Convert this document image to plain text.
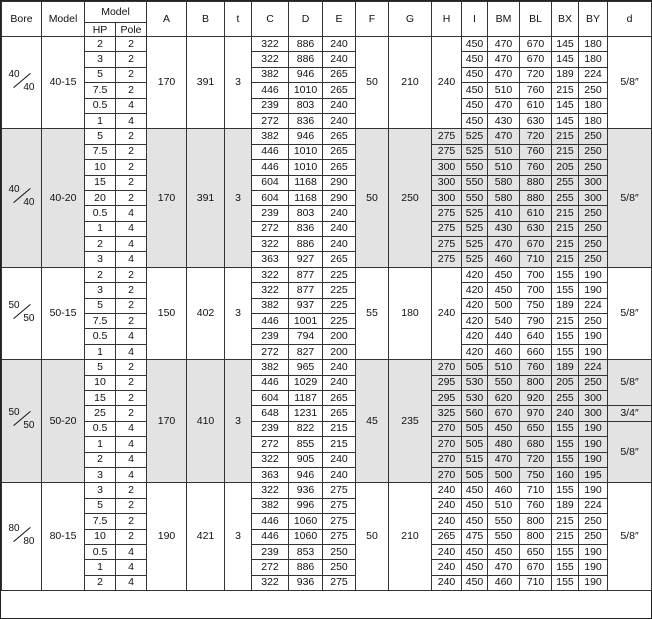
Bore	Model	Model		A	B	t	C	D	E	F	G	H	I	BM	BL	BX	BY	d
		HP	Pole															

40
40	40-15	2	2	170	391	3	322	886	240	50	210	240	450	470	670	145	180	5/8″
		3	2				322	886	240				450	470	670	145	180	
		5	2				382	946	265				450	470	720	189	224	
		7.5	2				446	1010	265				450	510	760	215	250	
		0.5	4				239	803	240				450	470	610	145	180	
		1	4				272	836	240				450	430	630	145	180	

40
40	40-20	5	2	170	391	3	382	946	265	50	250	275	525	470	720	215	250	5/8″
		7.5	2				446	1010	265			275	525	510	760	215	250	
		10	2				446	1010	265			300	550	510	760	205	250	
		15	2				604	1168	290			300	550	580	880	255	300	
		20	2				604	1168	290			300	550	580	880	255	300	
		0.5	4				239	803	240			275	525	410	610	215	250	
		1	4				272	836	240			275	525	430	630	215	250	
		2	4				322	886	240			275	525	470	670	215	250	
		3	4				363	927	265			275	525	460	710	215	250	

50
50	50-15	2	2	150	402	3	322	877	225	55	180	240	420	450	700	155	190	5/8″
		3	2				322	877	225				420	450	700	155	190	
		5	2				382	937	225				420	500	750	189	224	
		7.5	2				446	1001	225				420	540	790	215	250	
		0.5	4				239	794	200				420	440	640	155	190	
		1	4				272	827	200				420	460	660	155	190	

50
50	50-20	5	2	170	410	3	382	965	240	45	235	270	505	510	760	189	224	5/8″
		10	2				446	1029	240			295	530	550	800	205	250	
		15	2				604	1187	265			295	530	620	920	255	300	
		25	2				648	1231	265			325	560	670	970	240	300	3/4″
		0.5	4				239	822	215			270	505	450	650	155	190	5/8″
		1	4				272	855	215			270	505	480	680	155	190	
		2	4				322	905	240			270	515	470	720	155	190	
		3	4				363	946	240			270	505	500	750	160	195	

80
80	80-15	3	2	190	421	3	322	936	275	50	210	240	450	460	710	155	190	5/8″
		5	2				382	996	275			240	450	510	760	189	224	
		7.5	2				446	1060	275			240	450	550	800	215	250	
		10	2				446	1060	275			265	475	550	800	215	250	
		0.5	4				239	853	250			240	450	450	650	155	190	
		1	4				272	886	250			240	450	470	670	155	190	
		2	4				322	936	275			240	450	460	710	155	190	
